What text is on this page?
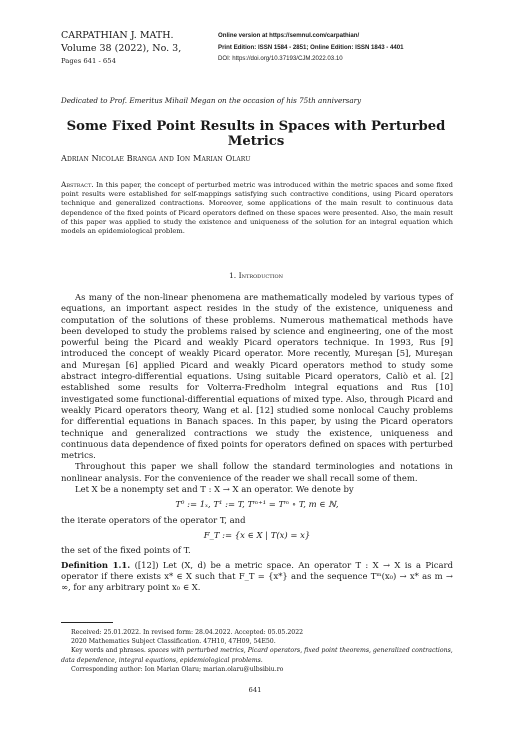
CARPATHIAN J. MATH.
Volume 38 (2022), No. 3,
Pages 641 - 654
Online version at https://semnul.com/carpathian/
Print Edition: ISSN 1584 - 2851; Online Edition: ISSN 1843 - 4401
DOI: https://doi.org/10.37193/CJM.2022.03.10
Dedicated to Prof. Emeritus Mihail Megan on the occasion of his 75th anniversary
Some Fixed Point Results in Spaces with Perturbed Metrics
Adrian Nicolae Branga and Ion Marian Olaru
Abstract. In this paper, the concept of perturbed metric was introduced within the metric spaces and some fixed point results were established for self-mappings satisfying such contractive conditions, using Picard operators technique and generalized contractions. Moreover, some applications of the main result to continuous data dependence of the fixed points of Picard operators defined on these spaces were presented. Also, the main result of this paper was applied to study the existence and uniqueness of the solution for an integral equation which models an epidemiological problem.
1. Introduction

As many of the non-linear phenomena are mathematically modeled by various types of equations, an important aspect resides in the study of the existence, uniqueness and computation of the solutions of these problems. Numerous mathematical methods have been developed to study the problems raised by science and engineering, one of the most powerful being the Picard and weakly Picard operators technique. In 1993, Rus [9] introduced the concept of weakly Picard operator. More recently, Mureşan [5], Mureşan and Mureşan [6] applied Picard and weakly Picard operators method to study some abstract integro-differential equations. Using suitable Picard operators, Caliò et al. [2] established some results for Volterra-Fredholm integral equations and Rus [10] investigated some functional-differential equations of mixed type. Also, through Picard and weakly Picard operators theory, Wang et al. [12] studied some nonlocal Cauchy problems for differential equations in Banach spaces. In this paper, by using the Picard operators technique and generalized contractions we study the existence, uniqueness and continuous data dependence of fixed points for operators defined on spaces with perturbed metrics.

Throughout this paper we shall follow the standard terminologies and notations in nonlinear analysis. For the convenience of the reader we shall recall some of them.

Let X be a nonempty set and T : X → X an operator. We denote by

T⁰ := 1ₓ, T¹ := T, Tᵐ⁺¹ = Tᵐ ∘ T, m ∈ ℕ,

the iterate operators of the operator T, and

F_T := {x ∈ X | T(x) = x}

the set of the fixed points of T.

Definition 1.1. ([12]) Let (X, d) be a metric space. An operator T : X → X is a Picard operator if there exists x* ∈ X such that F_T = {x*} and the sequence Tᵐ(x₀) → x* as m → ∞, for any arbitrary point x₀ ∈ X.

Received: 25.01.2022. In revised form: 28.04.2022. Accepted: 05.05.2022
2020 Mathematics Subject Classification. 47H10, 47H09, 54E50.
Key words and phrases. spaces with perturbed metrics, Picard operators, fixed point theorems, generalized contractions, data dependence, integral equations, epidemiological problems.
Corresponding author: Ion Marian Olaru; marian.olaru@ulbsibiu.ro
641
